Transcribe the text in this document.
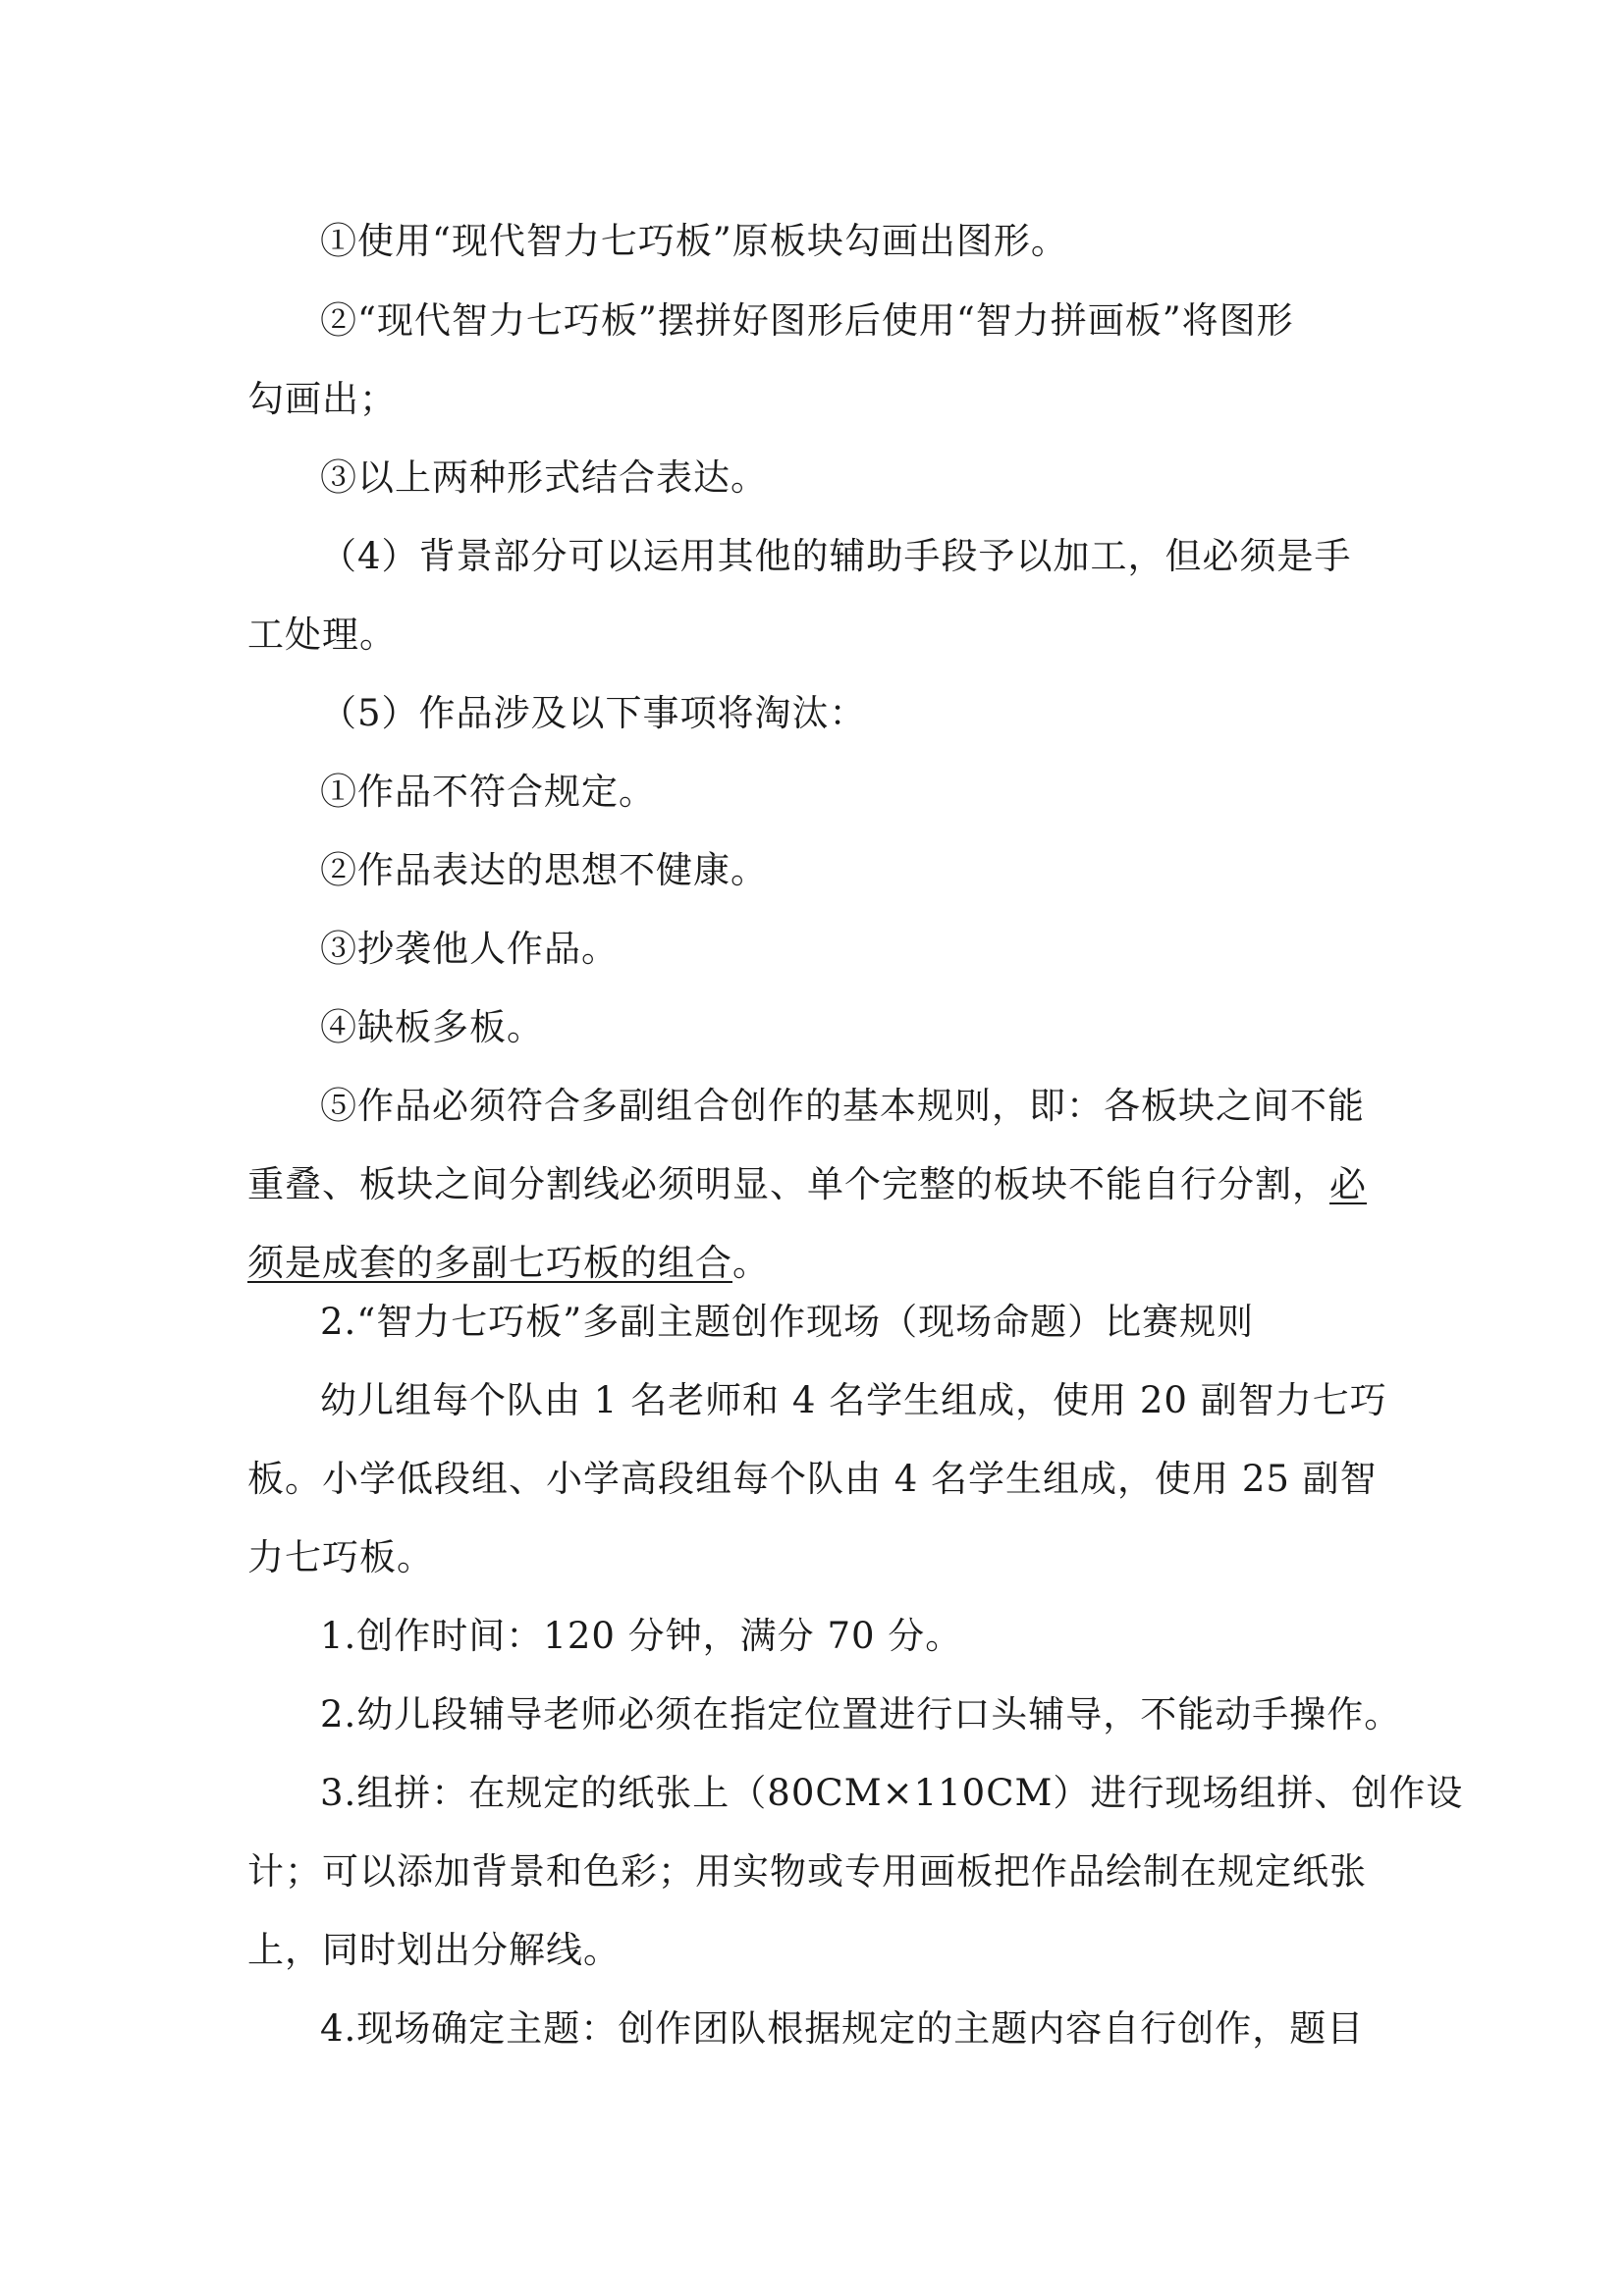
①使用“现代智力七巧板”原板块勾画出图形。
②“现代智力七巧板”摆拼好图形后使用“智力拼画板”将图形
勾画出；
③以上两种形式结合表达。
（4）背景部分可以运用其他的辅助手段予以加工，但必须是手
工处理。
（5）作品涉及以下事项将淘汰：
①作品不符合规定。
②作品表达的思想不健康。
③抄袭他人作品。
④缺板多板。
⑤作品必须符合多副组合创作的基本规则，即：各板块之间不能
重叠、板块之间分割线必须明显、单个完整的板块不能自行分割，必
须是成套的多副七巧板的组合。
2.“智力七巧板”多副主题创作现场（现场命题）比赛规则
幼儿组每个队由 1 名老师和 4 名学生组成，使用 20 副智力七巧
板。小学低段组、小学高段组每个队由 4 名学生组成，使用 25 副智
力七巧板。
1.创作时间：120 分钟，满分 70 分。
2.幼儿段辅导老师必须在指定位置进行口头辅导，不能动手操作。
3.组拼：在规定的纸张上（80CM×110CM）进行现场组拼、创作设
计；可以添加背景和色彩；用实物或专用画板把作品绘制在规定纸张
上，同时划出分解线。
4.现场确定主题：创作团队根据规定的主题内容自行创作，题目
